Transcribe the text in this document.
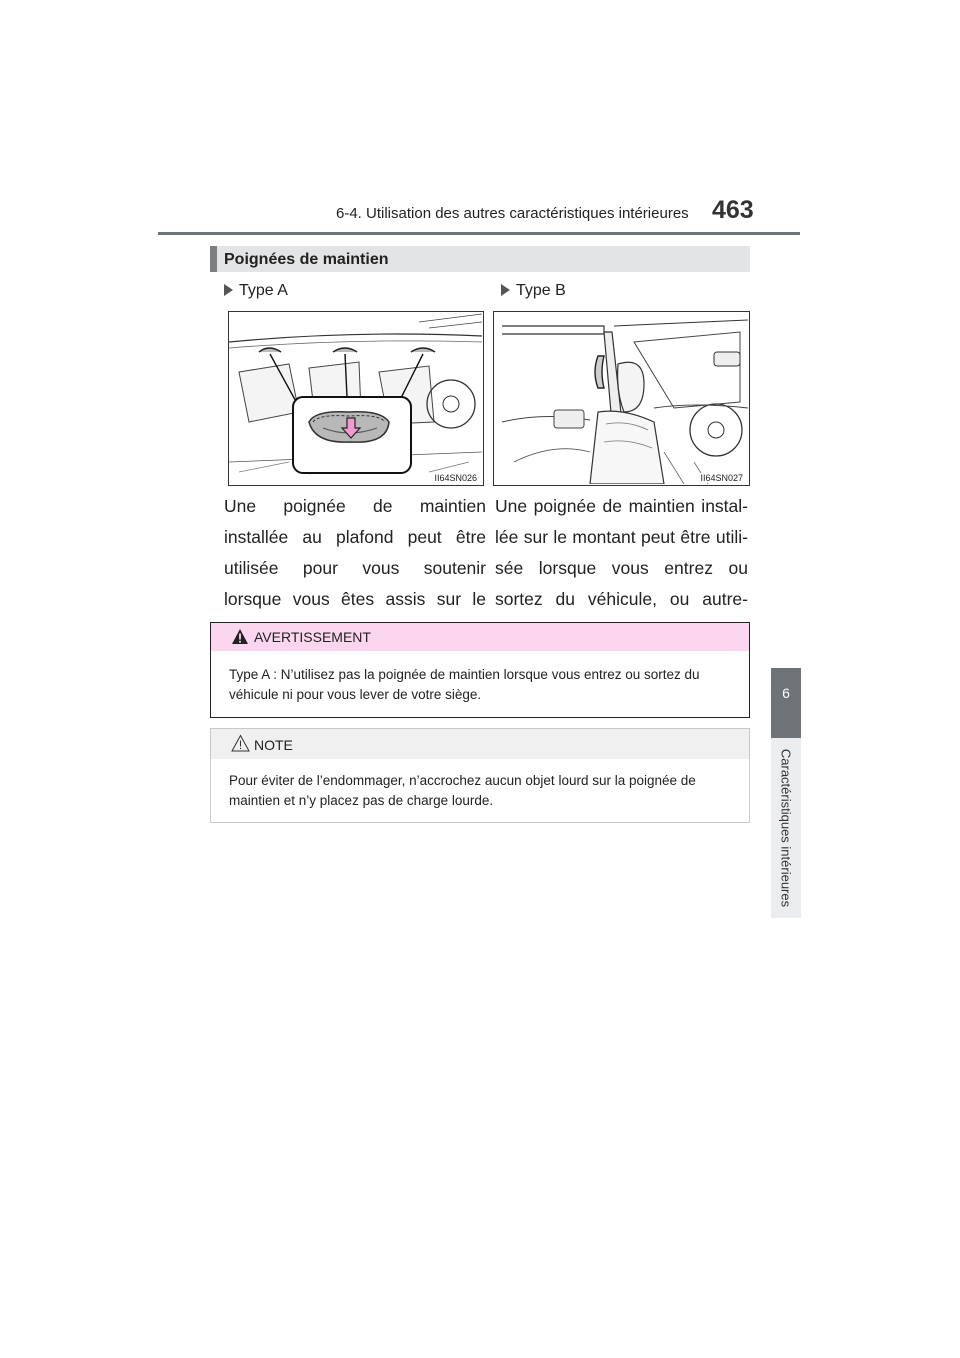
6-4. Utilisation des autres caractéristiques intérieures 463
6
Caractéristiques intérieures
Poignées de maintien
Type A	Type B
II64SN026	II64SN027
Une poignée de maintien installée au plafond peut être utilisée pour vous soutenir lorsque vous êtes assis sur le
Une poignée de maintien instal-lée sur le montant peut être utili-sée lorsque vous entrez ou sortez du véhicule, ou autre-
AVERTISSEMENT
Type A : N’utilisez pas la poignée de maintien lorsque vous entrez ou sortez du véhicule ni pour vous lever de votre siège.
NOTE
Pour éviter de l’endommager, n’accrochez aucun objet lourd sur la poignée de maintien et n’y placez pas de charge lourde.
